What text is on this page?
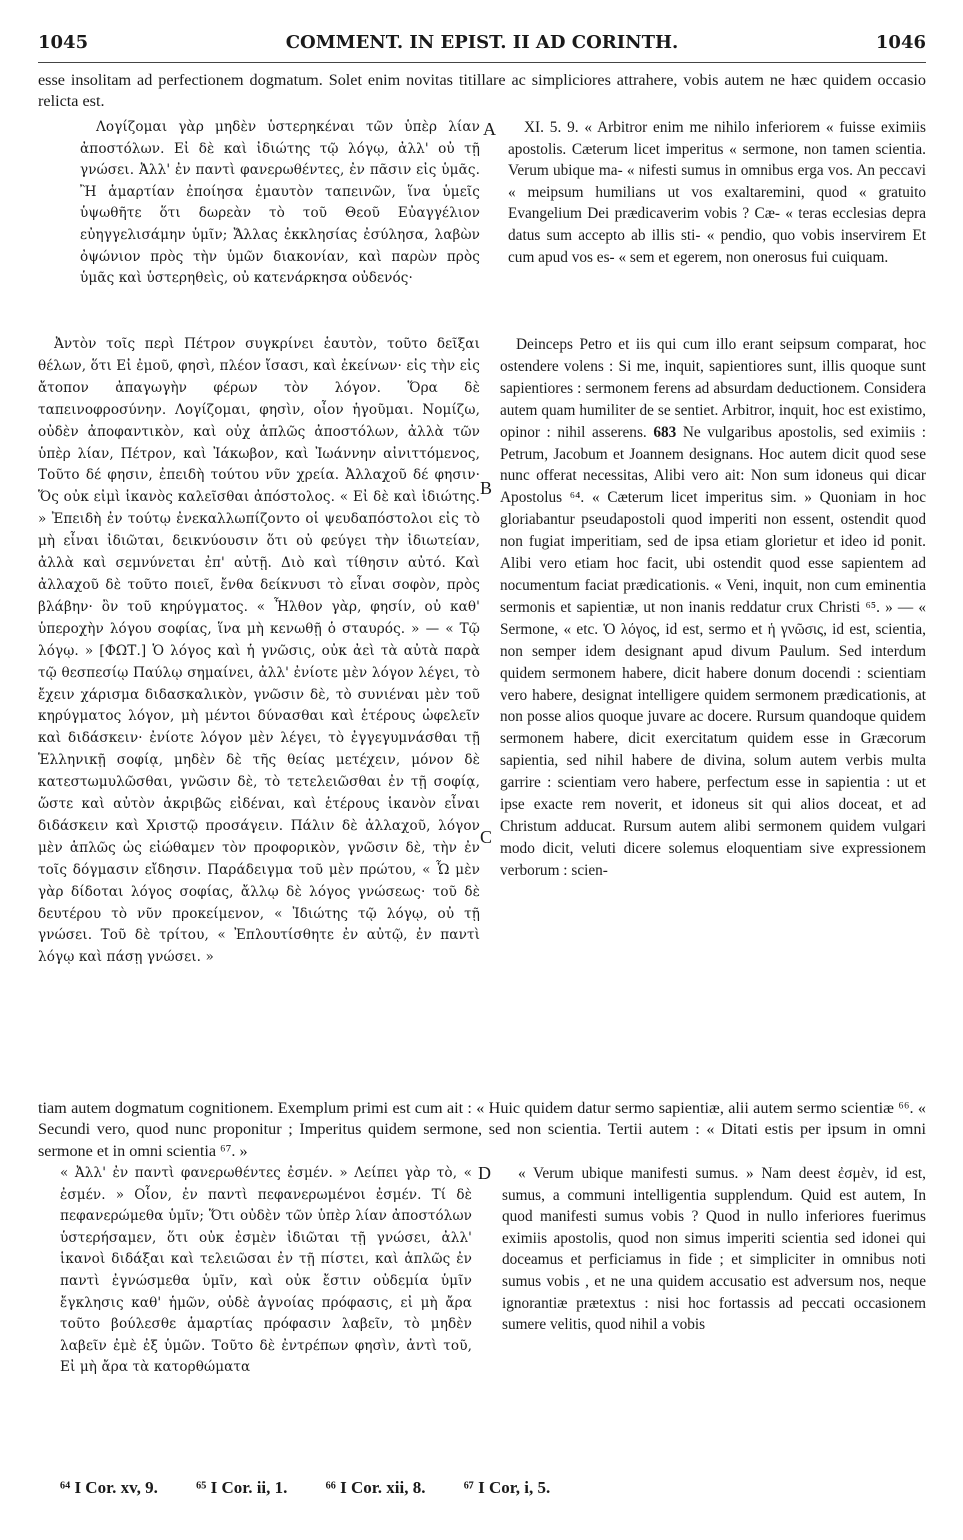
1045	COMMENT. IN EPIST. II AD CORINTH.	1046

esse insolitam ad perfectionem dogmatum. Solet enim novitas titillare ac simpliciores attrahere, vobis autem ne hæc quidem occasio relicta est.

Λογίζομαι γὰρ μηδὲν ὑστερηκέναι τῶν ὑπὲρ λίαν ἀποστόλων. Εἰ δὲ καὶ ἰδιώτης τῷ λόγῳ, ἀλλ' οὐ τῇ γνώσει. Ἀλλ' ἐν παντὶ φανερωθέντες, ἐν πᾶσιν εἰς ὑμᾶς. Ἢ ἁμαρτίαν ἐποίησα ἐμαυτὸν ταπεινῶν, ἵνα ὑμεῖς ὑψωθῆτε ὅτι δωρεὰν τὸ τοῦ Θεοῦ Εὐαγγέλιον εὐηγγελισάμην ὑμῖν; Ἄλλας ἐκκλησίας ἐσύλησα, λαβὼν ὀψώνιον πρὸς τὴν ὑμῶν διακονίαν, καὶ παρὼν πρὸς ὑμᾶς καὶ ὑστερηθεὶς, οὐ κατενάρκησα οὐδενός·

A	XI. 5. 9. « Arbitror enim me nihilo inferiorem « fuisse eximiis apostolis. Cæterum licet imperitus « sermone, non tamen scientia. Verum ubique ma- « nifesti sumus in omnibus erga vos. An peccavi « meipsum humilians ut vos exaltaremini, quod « gratuito Evangelium Dei prædicaverim vobis ? Cæ- « teras ecclesias depra datus sum accepto ab illis sti- « pendio, quo vobis inservirem Et cum apud vos es- « sem et egerem, non onerosus fui cuiquam.

Ἀντὸν τοῖς περὶ Πέτρον συγκρίνει ἑαυτὸν, τοῦτο δεῖξαι θέλων, ὅτι Εἰ ἐμοῦ, φησὶ, πλέον ἴσασι, καὶ ἐκείνων· εἰς τὴν εἰς ἄτοπον ἀπαγωγὴν φέρων τὸν λόγον. Ὅρα δὲ ταπεινοφροσύνην. Λογίζομαι, φησὶν, οἶον ἡγοῦμαι. Νομίζω, οὐδὲν ἀποφαντικὸν, καὶ οὐχ ἁπλῶς ἀποστόλων, ἀλλὰ τῶν ὑπὲρ λίαν, Πέτρον, καὶ Ἰάκωβον, καὶ Ἰωάννην αἰνιττόμενος, Τοῦτο δέ φησιν, ἐπειδὴ τούτου νῦν χρεία. Ἀλλαχοῦ δέ φησιν· Ὅς οὐκ εἰμὶ ἱκανὸς καλεῖσθαι ἀπόστολος. « Εἰ δὲ καὶ ἰδιώτης. » Ἐπειδὴ ἐν τούτῳ ἐνεκαλλωπίζοντο οἱ ψευδαπόστολοι εἰς τὸ μὴ εἶναι ἰδιῶται, δεικνύουσιν ὅτι οὐ φεύγει τὴν ἰδιωτείαν, ἀλλὰ καὶ σεμνύνεται ἐπ' αὐτῇ. Διὸ καὶ τίθησιν αὐτό. Καὶ ἀλλαχοῦ δὲ τοῦτο ποιεῖ, ἔνθα δείκνυσι τὸ εἶναι σοφὸν, πρὸς βλάβην· ὂν τοῦ κηρύγματος. « Ἦλθον γὰρ, φησίν, οὐ καθ' ὑπεροχὴν λόγου σοφίας, ἵνα μὴ κενωθῇ ὁ σταυρός. » — « Τῷ λόγῳ. » [ΦΩΤ.] Ὁ λόγος καὶ ἡ γνῶσις, οὐκ ἀεὶ τὰ αὐτὰ παρὰ τῷ θεσπεσίῳ Παύλῳ σημαίνει, ἀλλ' ἐνίοτε μὲν λόγον λέγει, τὸ ἔχειν χάρισμα διδασκαλικὸν, γνῶσιν δὲ, τὸ συνιέναι μὲν τοῦ κηρύγματος λόγον, μὴ μέντοι δύνασθαι καὶ ἑτέρους ὠφελεῖν καὶ διδάσκειν· ἐνίοτε λόγον μὲν λέγει, τὸ ἐγγεγυμνάσθαι τῇ Ἑλληνικῇ σοφίᾳ, μηδὲν δὲ τῆς θείας μετέχειν, μόνον δὲ κατεστωμυλῶσθαι, γνῶσιν δὲ, τὸ τετελειῶσθαι ἐν τῇ σοφίᾳ, ὥστε καὶ αὐτὸν ἀκριβῶς εἰδέναι, καὶ ἑτέρους ἱκανὸν εἶναι διδάσκειν καὶ Χριστῷ προσάγειν. Πάλιν δὲ ἀλλαχοῦ, λόγον μὲν ἁπλῶς ὡς εἰώθαμεν τὸν προφορικὸν, γνῶσιν δὲ, τὴν ἐν τοῖς δόγμασιν εἴδησιν. Παράδειγμα τοῦ μὲν πρώτου, « Ὧ μὲν γὰρ δίδοται λόγος σοφίας, ἄλλῳ δὲ λόγος γνώσεως· τοῦ δὲ δευτέρου τὸ νῦν προκείμενον, « Ἰδιώτης τῷ λόγῳ, οὐ τῇ γνώσει. Τοῦ δὲ τρίτου, « Ἐπλουτίσθητε ἐν αὐτῷ, ἐν παντὶ λόγῳ καὶ πάσῃ γνώσει. »

B
C

Deinceps Petro et iis qui cum illo erant seipsum comparat, hoc ostendere volens : Si me, inquit, sapientiores sunt, illis quoque sunt sapientiores : sermonem ferens ad absurdam deductionem. Considera autem quam humiliter de se sentiet. Arbitror, inquit, hoc est existimo, opinor : nihil asserens. 683 Ne vulgaribus apostolis, sed eximiis : Petrum, Jacobum et Joannem designans. Hoc autem dicit quod sese nunc offerat necessitas, Alibi vero ait: Non sum idoneus qui dicar Apostolus ⁶⁴. « Cæterum licet imperitus sim. » Quoniam in hoc gloriabantur pseudapostoli quod imperiti non essent, ostendit quod non fugiat imperitiam, sed de ipsa etiam glorietur et ideo id ponit. Alibi vero etiam hoc facit, ubi ostendit quod esse sapientem ad nocumentum faciat prædicationis. « Veni, inquit, non cum eminentia sermonis et sapientiæ, ut non inanis reddatur crux Christi ⁶⁵. » — « Sermone, « etc. Ὁ λόγος, id est, sermo et ἡ γνῶσις, id est, scientia, non semper idem designant apud divum Paulum. Sed interdum quidem sermonem habere, dicit habere donum docendi : scientiam vero habere, designat intelligere quidem sermonem prædicationis, at non posse alios quoque juvare ac docere. Rursum quandoque quidem sermonem habere, dicit exercitatum quidem esse in Græcorum sapientia, sed nihil habere de divina, solum autem verbis multa garrire : scientiam vero habere, perfectum esse in sapientia : ut et ipse exacte rem noverit, et idoneus sit qui alios doceat, et ad Christum adducat. Rursum autem alibi sermonem quidem vulgari modo dicit, veluti dicere solemus eloquentiam sive expressionem verborum : scien-

tiam autem dogmatum cognitionem. Exemplum primi est cum ait : « Huic quidem datur sermo sapientiæ, alii autem sermo scientiæ ⁶⁶. « Secundi vero, quod nunc proponitur ; Imperitus quidem sermone, sed non scientia. Tertii autem : « Ditati estis per ipsum in omni sermone et in omni scientia ⁶⁷. »

« Ἀλλ' ἐν παντὶ φανερωθέντες ἐσμέν. » Λείπει γὰρ τὸ, « ἐσμέν. » Οἷον, ἐν παντὶ πεφανερωμένοι ἐσμέν. Τί δὲ πεφανερώμεθα ὑμῖν; Ὅτι οὐδὲν τῶν ὑπὲρ λίαν ἀποστόλων ὑστερήσαμεν, ὅτι οὐκ ἐσμὲν ἰδιῶται τῇ γνώσει, ἀλλ' ἱκανοὶ διδάξαι καὶ τελειῶσαι ἐν τῇ πίστει, καὶ ἁπλῶς ἐν παντὶ ἐγνώσμεθα ὑμῖν, καὶ οὐκ ἔστιν οὐδεμία ὑμῖν ἔγκλησις καθ' ἡμῶν, οὐδὲ ἀγνοίας πρόφασις, εἰ μὴ ἄρα τοῦτο βούλεσθε ἁμαρτίας πρόφασιν λαβεῖν, τὸ μηδὲν λαβεῖν ἐμὲ ἐξ ὑμῶν. Τοῦτο δὲ ἐντρέπων φησὶν, ἀντὶ τοῦ, Εἰ μὴ ἄρα τὰ κατορθώματα

D	« Verum ubique manifesti sumus. » Nam deest ἐσμὲν, id est, sumus, a communi intelligentia supplendum. Quid est autem, In quod manifesti sumus vobis ? Quod in nullo inferiores fuerimus eximiis apostolis, quod non simus imperiti scientia sed idonei qui doceamus et perficiamus in fide ; et simpliciter in omnibus noti sumus vobis , et ne una quidem accusatio est adversum nos, neque ignorantiæ prætextus : nisi hoc fortassis ad peccati occasionem sumere velitis, quod nihil a vobis

⁶⁴ I Cor. xv, 9. ⁶⁵ I Cor. ii, 1. ⁶⁶ I Cor. xii, 8. ⁶⁷ I Cor, i, 5.
